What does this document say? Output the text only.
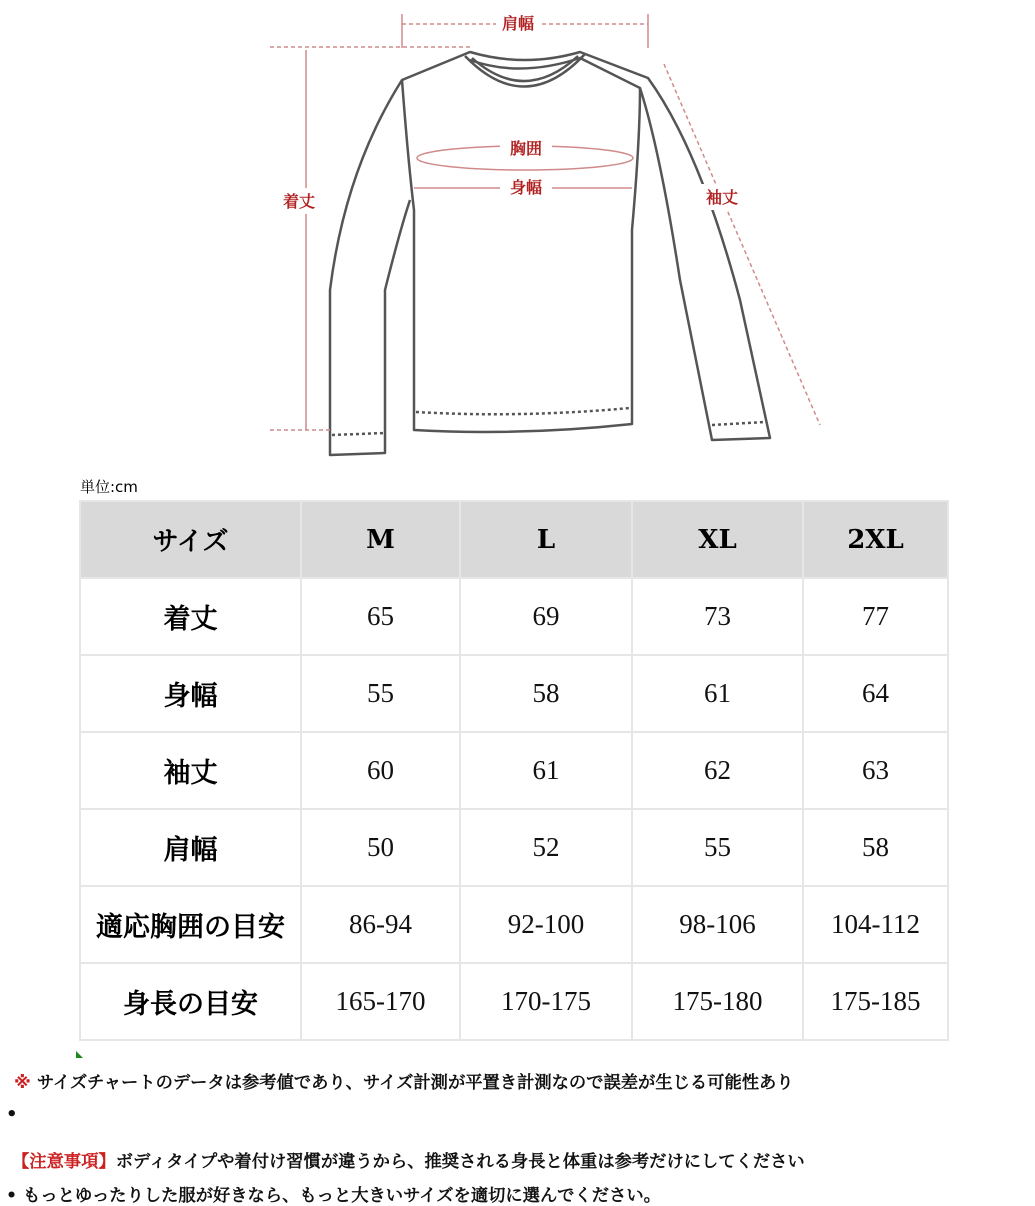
肩幅
胸囲
身幅
着丈	袖丈
単位:cm
サイズ	M	L	XL	2XL
着丈	65	69	73	77
身幅	55	58	61	64
袖丈	60	61	62	63
肩幅	50	52	55	58
適応胸囲の目安	86-94	92-100	98-106	104-112
身長の目安	165-170	170-175	175-180	175-185
※ サイズチャートのデータは参考値であり、サイズ計測が平置き計測なので誤差が生じる可能性あり
•
【注意事項】ボディタイプや着付け習慣が違うから、推奨される身長と体重は参考だけにしてください
• もっとゆったりした服が好きなら、もっと大きいサイズを適切に選んでください。
